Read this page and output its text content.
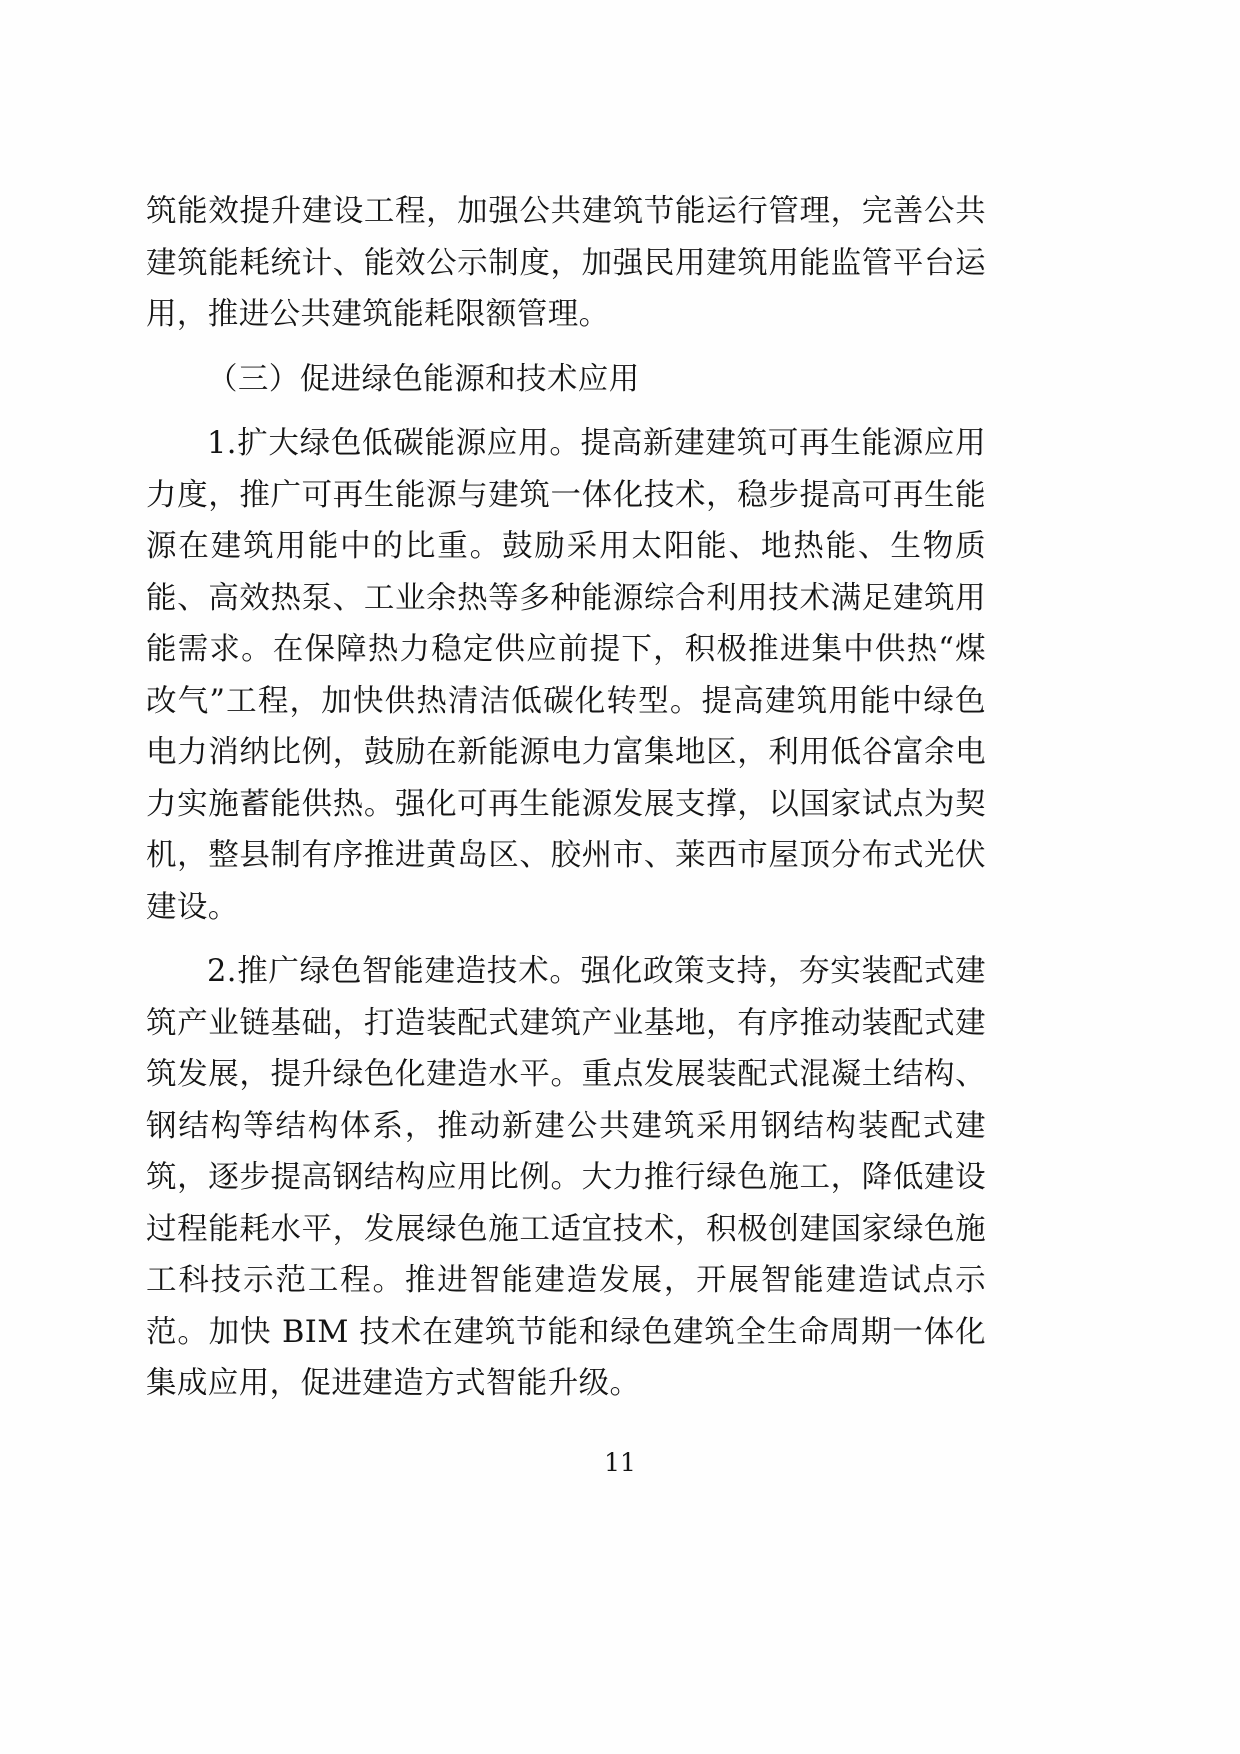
筑能效提升建设工程，加强公共建筑节能运行管理，完善公共建筑能耗统计、能效公示制度，加强民用建筑用能监管平台运用，推进公共建筑能耗限额管理。

（三）促进绿色能源和技术应用

1.扩大绿色低碳能源应用。提高新建建筑可再生能源应用力度，推广可再生能源与建筑一体化技术，稳步提高可再生能源在建筑用能中的比重。鼓励采用太阳能、地热能、生物质能、高效热泵、工业余热等多种能源综合利用技术满足建筑用能需求。在保障热力稳定供应前提下，积极推进集中供热“煤改气”工程，加快供热清洁低碳化转型。提高建筑用能中绿色电力消纳比例，鼓励在新能源电力富集地区，利用低谷富余电力实施蓄能供热。强化可再生能源发展支撑，以国家试点为契机，整县制有序推进黄岛区、胶州市、莱西市屋顶分布式光伏建设。

2.推广绿色智能建造技术。强化政策支持，夯实装配式建筑产业链基础，打造装配式建筑产业基地，有序推动装配式建筑发展，提升绿色化建造水平。重点发展装配式混凝土结构、钢结构等结构体系，推动新建公共建筑采用钢结构装配式建筑，逐步提高钢结构应用比例。大力推行绿色施工，降低建设过程能耗水平，发展绿色施工适宜技术，积极创建国家绿色施工科技示范工程。推进智能建造发展，开展智能建造试点示范。加快 BIM 技术在建筑节能和绿色建筑全生命周期一体化集成应用，促进建造方式智能升级。

11
